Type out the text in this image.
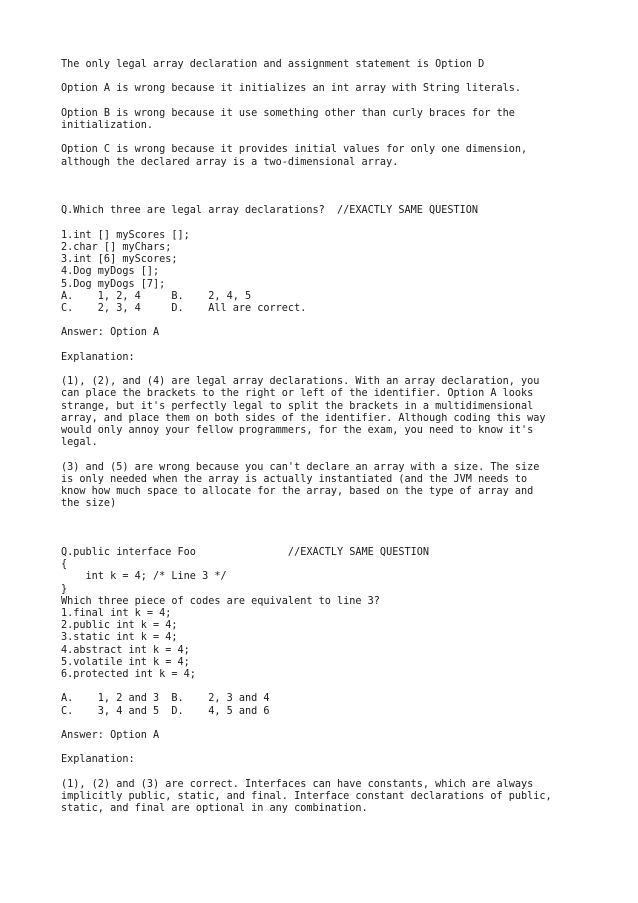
The only legal array declaration and assignment statement is Option D
Option A is wrong because it initializes an int array with String literals.
Option B is wrong because it use something other than curly braces for the
initialization.
Option C is wrong because it provides initial values for only one dimension,
although the declared array is a two-dimensional array.
Q.Which three are legal array declarations?  //EXACTLY SAME QUESTION
1.int [] myScores [];
2.char [] myChars;
3.int [6] myScores;
4.Dog myDogs [];
5.Dog myDogs [7];
A.    1, 2, 4     B.    2, 4, 5
C.    2, 3, 4     D.    All are correct.
Answer: Option A
Explanation:
(1), (2), and (4) are legal array declarations. With an array declaration, you
can place the brackets to the right or left of the identifier. Option A looks
strange, but it's perfectly legal to split the brackets in a multidimensional
array, and place them on both sides of the identifier. Although coding this way
would only annoy your fellow programmers, for the exam, you need to know it's
legal.
(3) and (5) are wrong because you can't declare an array with a size. The size
is only needed when the array is actually instantiated (and the JVM needs to
know how much space to allocate for the array, based on the type of array and
the size)
Q.public interface Foo               //EXACTLY SAME QUESTION
{
int k = 4; /* Line 3 */
}
Which three piece of codes are equivalent to line 3?
1.final int k = 4;
2.public int k = 4;
3.static int k = 4;
4.abstract int k = 4;
5.volatile int k = 4;
6.protected int k = 4;
A.    1, 2 and 3  B.    2, 3 and 4
C.    3, 4 and 5  D.    4, 5 and 6
Answer: Option A
Explanation:
(1), (2) and (3) are correct. Interfaces can have constants, which are always
implicitly public, static, and final. Interface constant declarations of public,
static, and final are optional in any combination.
